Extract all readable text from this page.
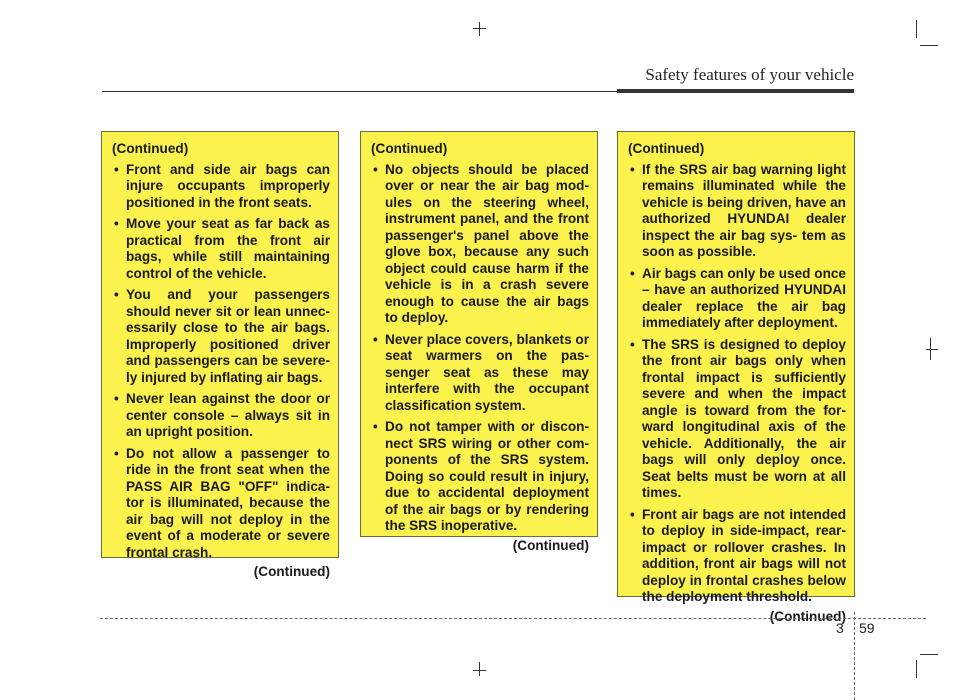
Safety features of your vehicle
(Continued)
• Front and side air bags can injure occupants improperly positioned in the front seats.
• Move your seat as far back as practical from the front air bags, while still maintaining control of the vehicle.
• You and your passengers should never sit or lean unnec- essarily close to the air bags. Improperly positioned driver and passengers can be severe- ly injured by inflating air bags.
• Never lean against the door or center console – always sit in an upright position.
• Do not allow a passenger to ride in the front seat when the PASS AIR BAG "OFF" indica- tor is illuminated, because the air bag will not deploy in the event of a moderate or severe frontal crash.
(Continued)
(Continued)
• No objects should be placed over or near the air bag mod- ules on the steering wheel, instrument panel, and the front passenger's panel above the glove box, because any such object could cause harm if the vehicle is in a crash severe enough to cause the air bags to deploy.
• Never place covers, blankets or seat warmers on the pas- senger seat as these may interfere with the occupant classification system.
• Do not tamper with or discon- nect SRS wiring or other com- ponents of the SRS system. Doing so could result in injury, due to accidental deployment of the air bags or by rendering the SRS inoperative.
(Continued)
(Continued)
• If the SRS air bag warning light remains illuminated while the vehicle is being driven, have an authorized HYUNDAI dealer inspect the air bag sys- tem as soon as possible.
• Air bags can only be used once – have an authorized HYUNDAI dealer replace the air bag immediately after deployment.
• The SRS is designed to deploy the front air bags only when frontal impact is sufficiently severe and when the impact angle is toward from the for- ward longitudinal axis of the vehicle. Additionally, the air bags will only deploy once. Seat belts must be worn at all times.
• Front air bags are not intended to deploy in side-impact, rear- impact or rollover crashes. In addition, front air bags will not deploy in frontal crashes below the deployment threshold.
(Continued)
3 59
